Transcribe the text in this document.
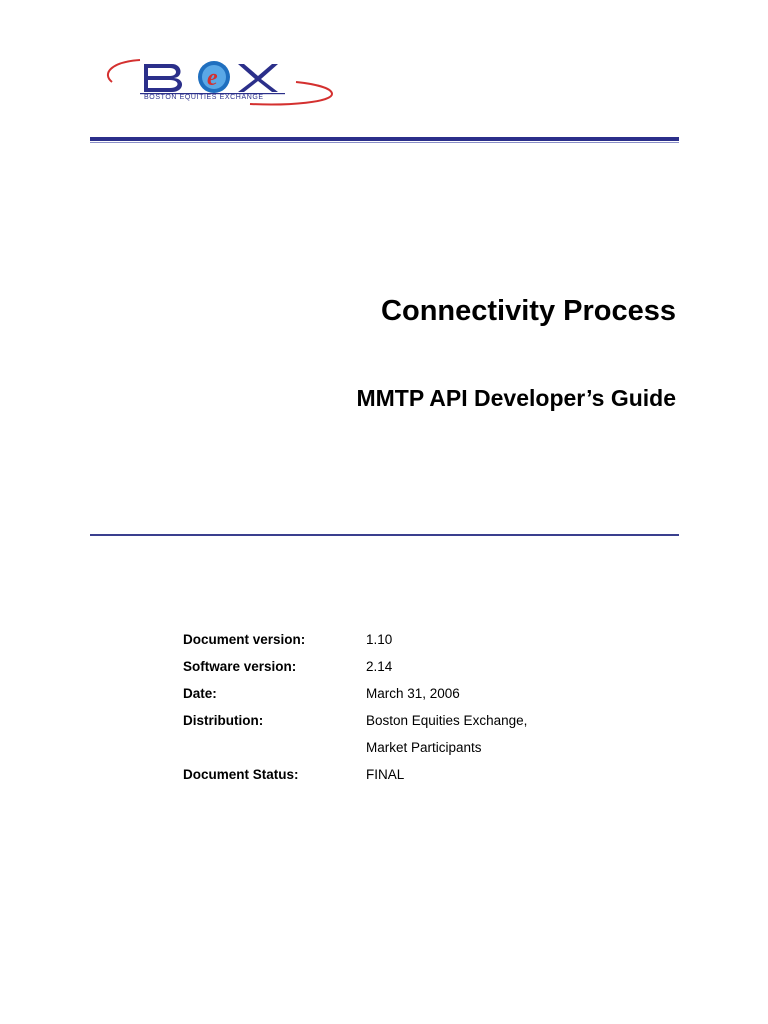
e
BOSTON EQUITIES EXCHANGE
Connectivity Process
MMTP API Developer’s Guide
Document version:	1.10
Software version:	2.14
Date:	March 31, 2006
Distribution:	Boston Equities Exchange,
Market Participants
Document Status:	FINAL
